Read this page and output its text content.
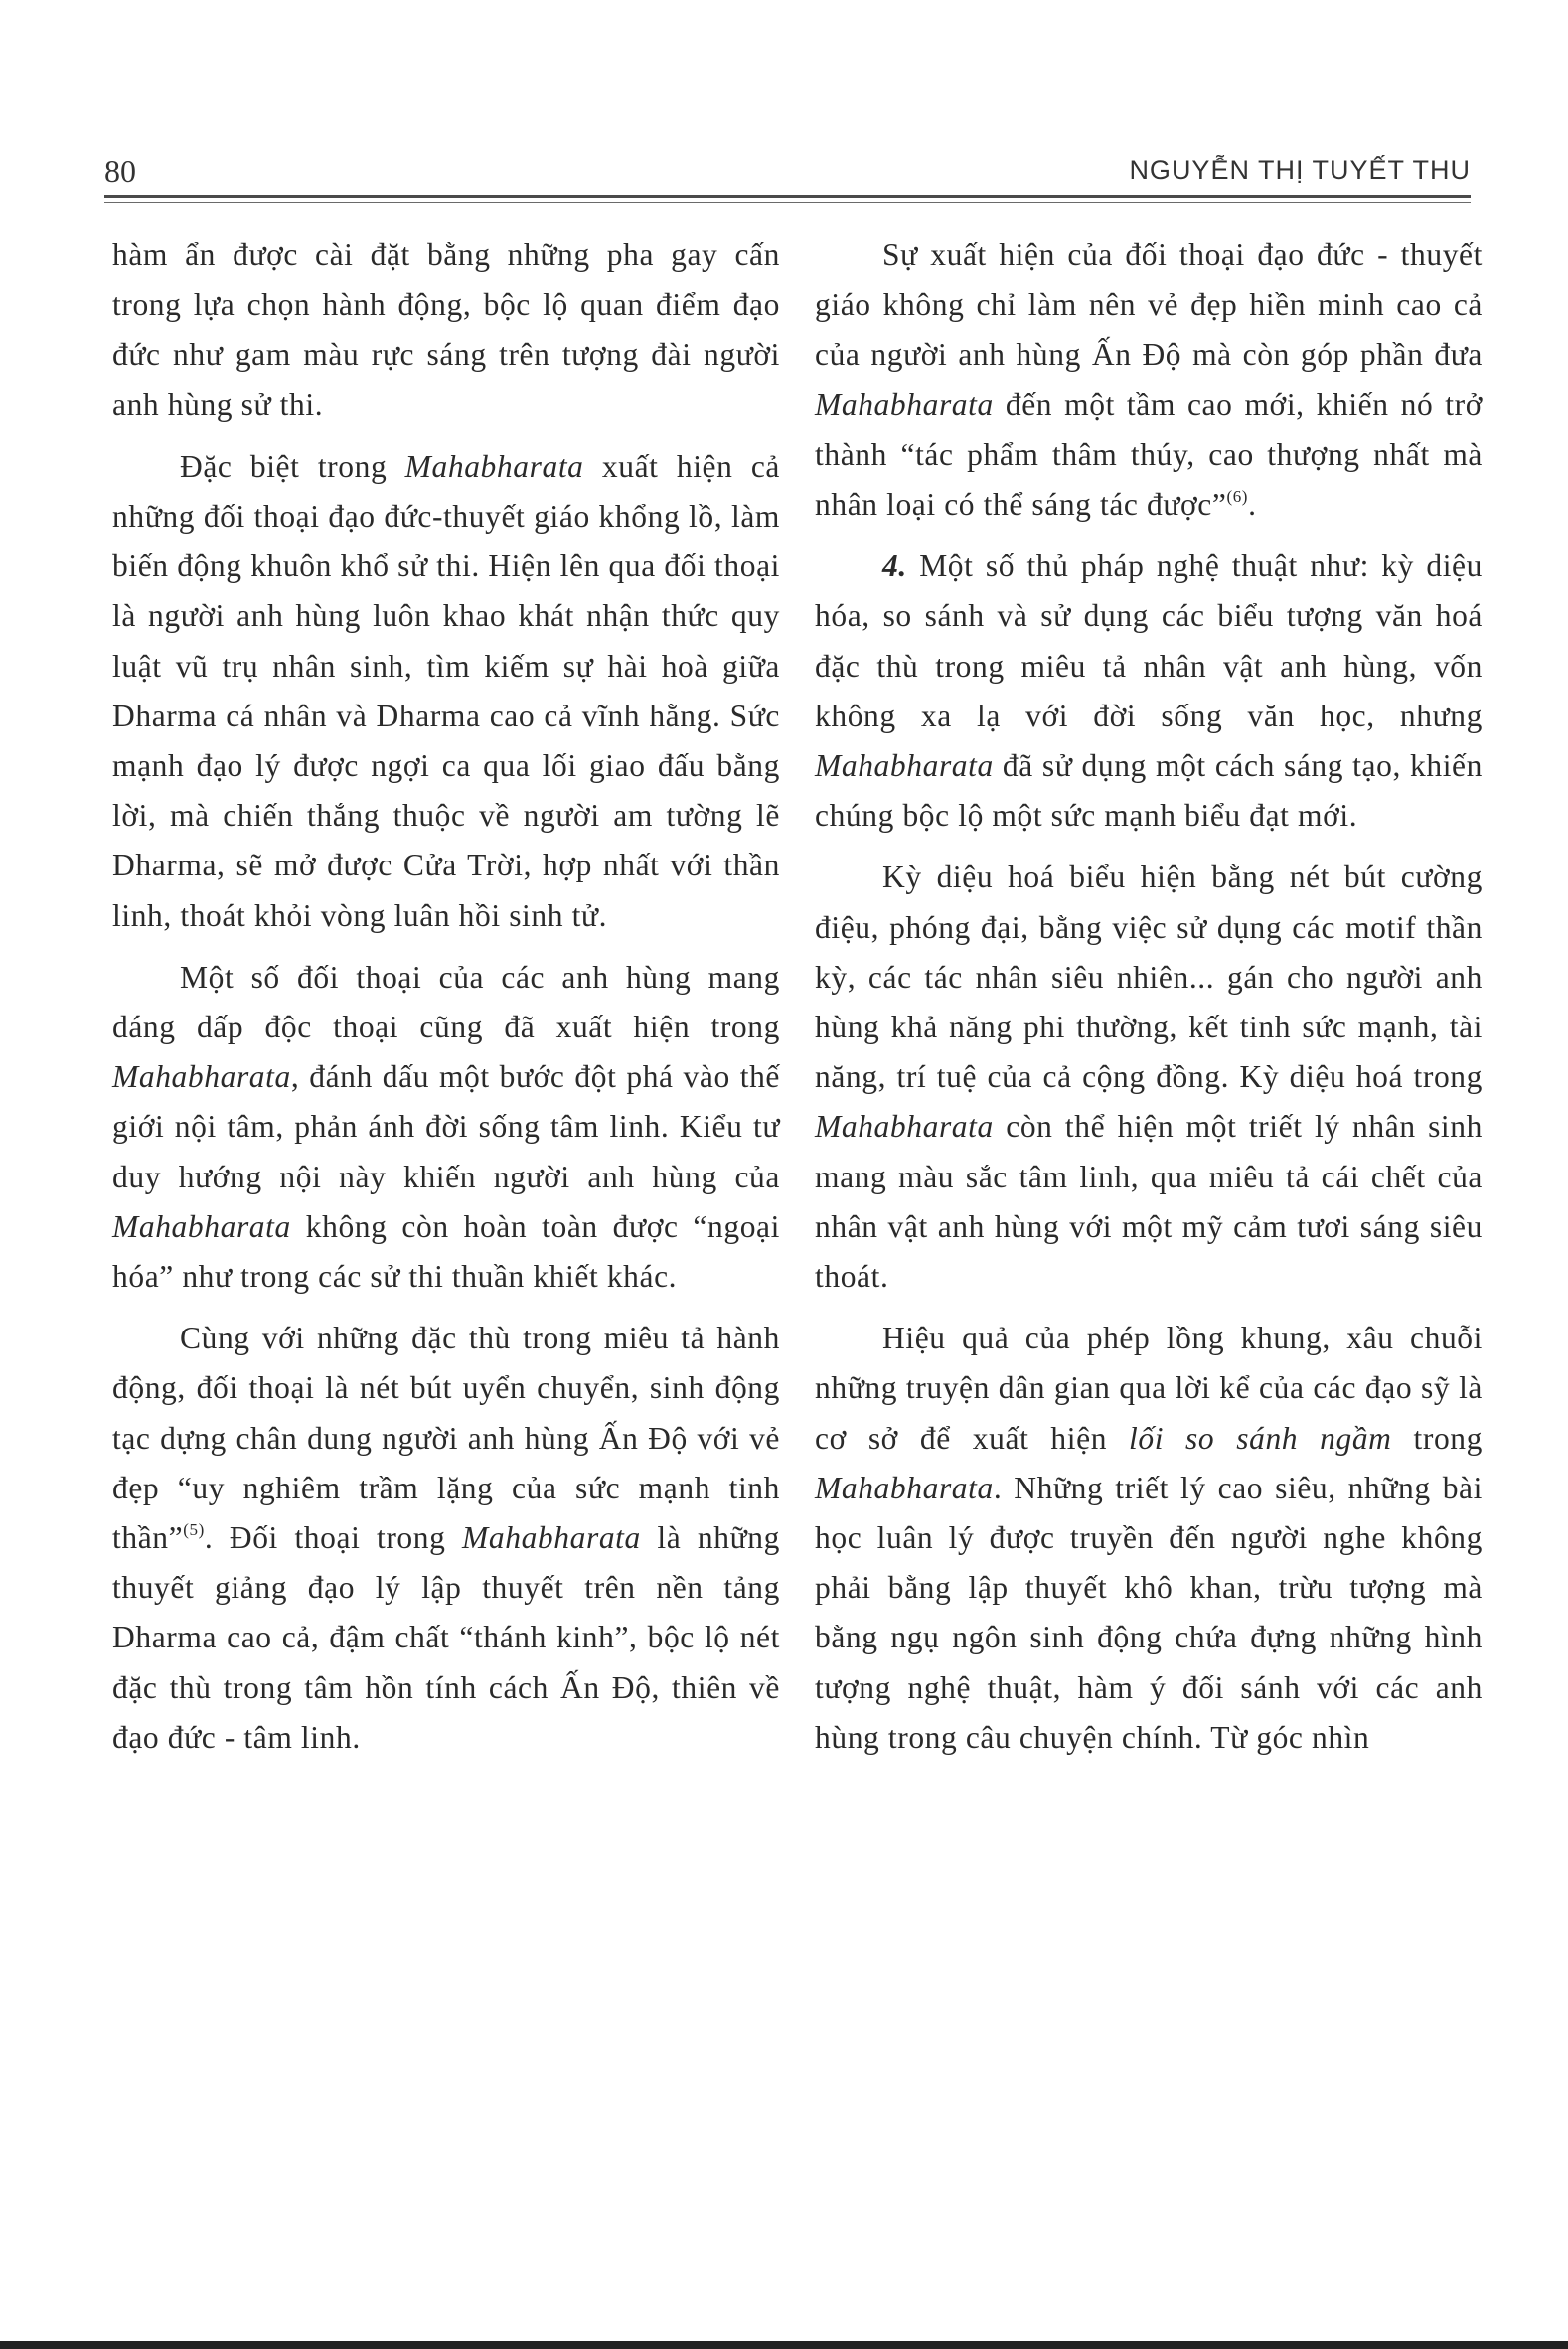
80	NGUYỄN THỊ TUYẾT THU

hàm ẩn được cài đặt bằng những pha gay cấn trong lựa chọn hành động, bộc lộ quan điểm đạo đức như gam màu rực sáng trên tượng đài người anh hùng sử thi.

Đặc biệt trong Mahabharata xuất hiện cả những đối thoại đạo đức-thuyết giáo khổng lồ, làm biến động khuôn khổ sử thi. Hiện lên qua đối thoại là người anh hùng luôn khao khát nhận thức quy luật vũ trụ nhân sinh, tìm kiếm sự hài hoà giữa Dharma cá nhân và Dharma cao cả vĩnh hằng. Sức mạnh đạo lý được ngợi ca qua lối giao đấu bằng lời, mà chiến thắng thuộc về người am tường lẽ Dharma, sẽ mở được Cửa Trời, hợp nhất với thần linh, thoát khỏi vòng luân hồi sinh tử.

Một số đối thoại của các anh hùng mang dáng dấp độc thoại cũng đã xuất hiện trong Mahabharata, đánh dấu một bước đột phá vào thế giới nội tâm, phản ánh đời sống tâm linh. Kiểu tư duy hướng nội này khiến người anh hùng của Mahabharata không còn hoàn toàn được “ngoại hóa” như trong các sử thi thuần khiết khác.

Cùng với những đặc thù trong miêu tả hành động, đối thoại là nét bút uyển chuyển, sinh động tạc dựng chân dung người anh hùng Ấn Độ với vẻ đẹp “uy nghiêm trầm lặng của sức mạnh tinh thần”$^{(5)}$. Đối thoại trong Mahabharata là những thuyết giảng đạo lý lập thuyết trên nền tảng Dharma cao cả, đậm chất “thánh kinh”, bộc lộ nét đặc thù trong tâm hồn tính cách Ấn Độ, thiên về đạo đức - tâm linh.

Sự xuất hiện của đối thoại đạo đức - thuyết giáo không chỉ làm nên vẻ đẹp hiền minh cao cả của người anh hùng Ấn Độ mà còn góp phần đưa Mahabharata đến một tầm cao mới, khiến nó trở thành “tác phẩm thâm thúy, cao thượng nhất mà nhân loại có thể sáng tác được”$^{(6)}$.

4. Một số thủ pháp nghệ thuật như: kỳ diệu hóa, so sánh và sử dụng các biểu tượng văn hoá đặc thù trong miêu tả nhân vật anh hùng, vốn không xa lạ với đời sống văn học, nhưng Mahabharata đã sử dụng một cách sáng tạo, khiến chúng bộc lộ một sức mạnh biểu đạt mới.

Kỳ diệu hoá biểu hiện bằng nét bút cường điệu, phóng đại, bằng việc sử dụng các motif thần kỳ, các tác nhân siêu nhiên... gán cho người anh hùng khả năng phi thường, kết tinh sức mạnh, tài năng, trí tuệ của cả cộng đồng. Kỳ diệu hoá trong Mahabharata còn thể hiện một triết lý nhân sinh mang màu sắc tâm linh, qua miêu tả cái chết của nhân vật anh hùng với một mỹ cảm tươi sáng siêu thoát.

Hiệu quả của phép lồng khung, xâu chuỗi những truyện dân gian qua lời kể của các đạo sỹ là cơ sở để xuất hiện lối so sánh ngầm trong Mahabharata. Những triết lý cao siêu, những bài học luân lý được truyền đến người nghe không phải bằng lập thuyết khô khan, trừu tượng mà bằng ngụ ngôn sinh động chứa đựng những hình tượng nghệ thuật, hàm ý đối sánh với các anh hùng trong câu chuyện chính. Từ góc nhìn
